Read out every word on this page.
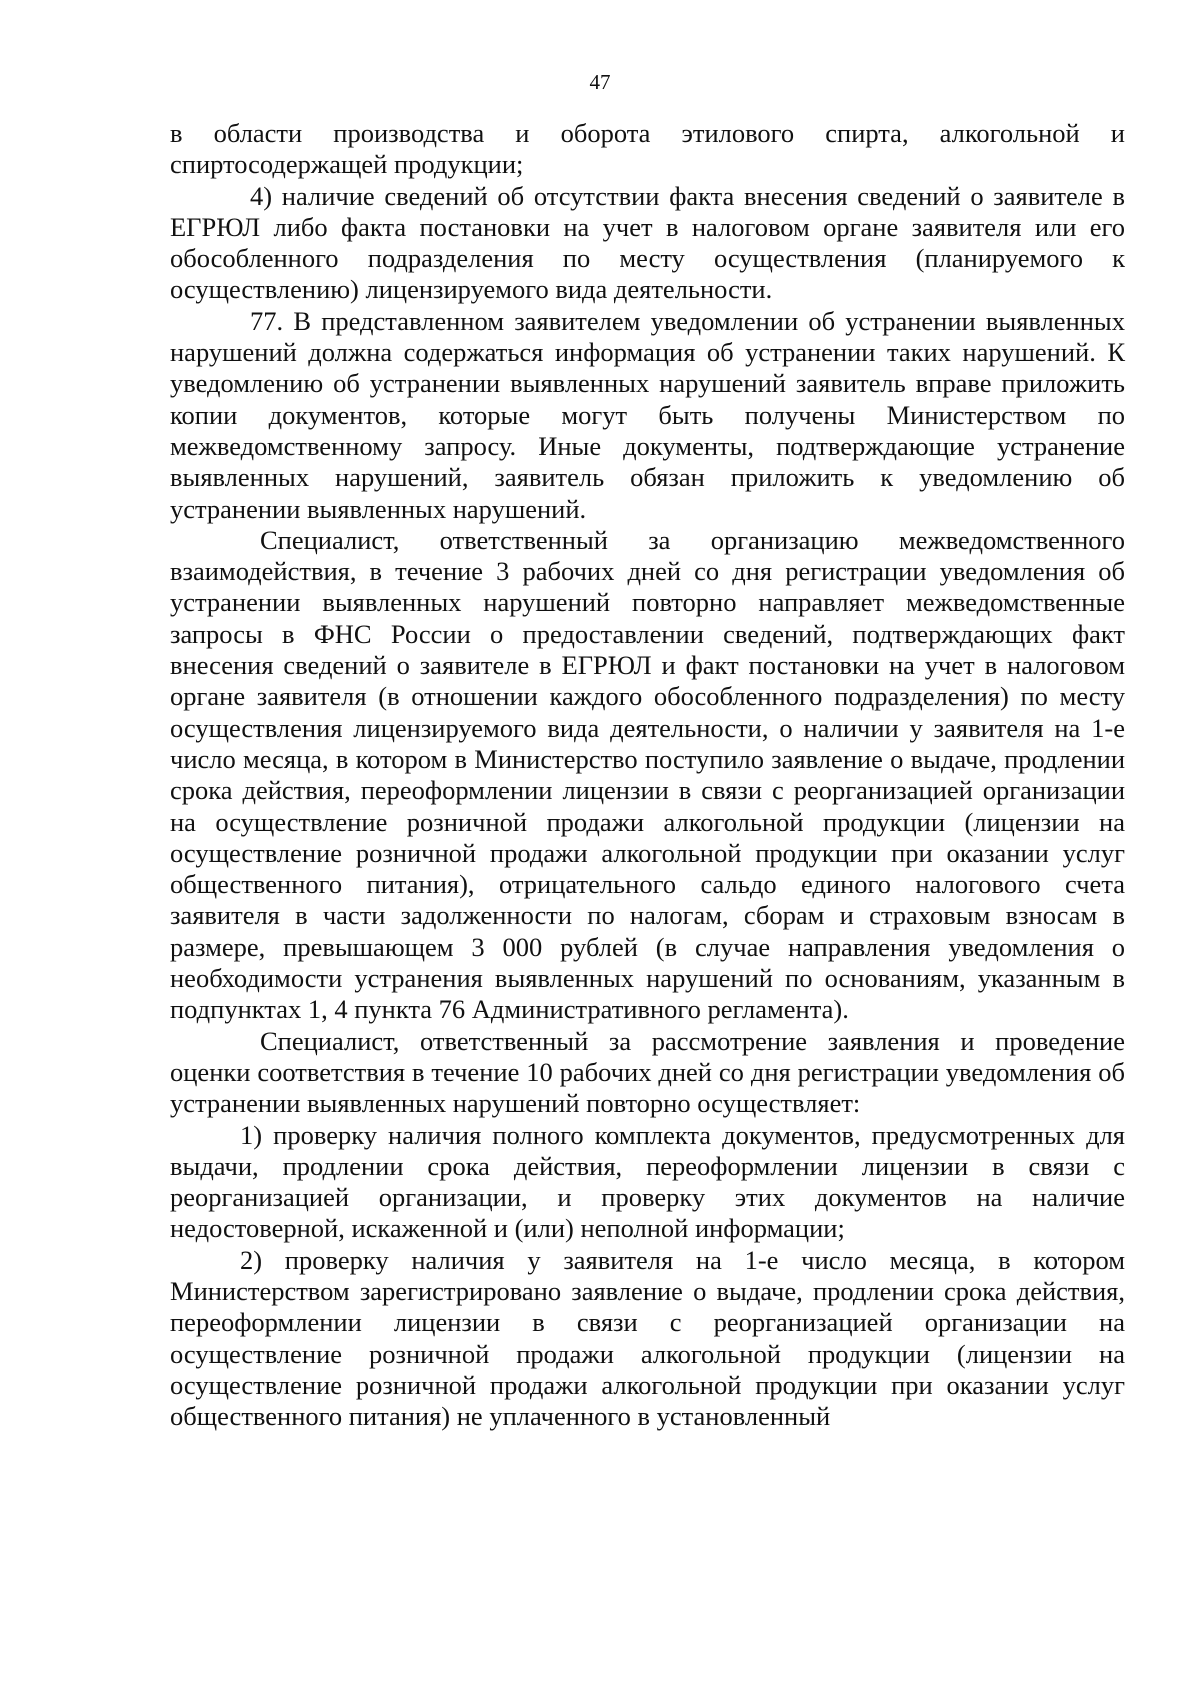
47

в области производства и оборота этилового спирта, алкогольной и спиртосодержащей продукции;

4) наличие сведений об отсутствии факта внесения сведений о заявителе в ЕГРЮЛ либо факта постановки на учет в налоговом органе заявителя или его обособленного подразделения по месту осуществления (планируемого к осуществлению) лицензируемого вида деятельности.

77. В представленном заявителем уведомлении об устранении выявленных нарушений должна содержаться информация об устранении таких нарушений. К уведомлению об устранении выявленных нарушений заявитель вправе приложить копии документов, которые могут быть получены Министерством по межведомственному запросу. Иные документы, подтверждающие устранение выявленных нарушений, заявитель обязан приложить к уведомлению об устранении выявленных нарушений.

Специалист, ответственный за организацию межведомственного взаимодействия, в течение 3 рабочих дней со дня регистрации уведомления об устранении выявленных нарушений повторно направляет межведомственные запросы в ФНС России о предоставлении сведений, подтверждающих факт внесения сведений о заявителе в ЕГРЮЛ и факт постановки на учет в налоговом органе заявителя (в отношении каждого обособленного подразделения) по месту осуществления лицензируемого вида деятельности, о наличии у заявителя на 1-е число месяца, в котором в Министерство поступило заявление о выдаче, продлении срока действия, переоформлении лицензии в связи с реорганизацией организации на осуществление розничной продажи алкогольной продукции (лицензии на осуществление розничной продажи алкогольной продукции при оказании услуг общественного питания), отрицательного сальдо единого налогового счета заявителя в части задолженности по налогам, сборам и страховым взносам в размере, превышающем 3 000 рублей (в случае направления уведомления о необходимости устранения выявленных нарушений по основаниям, указанным в подпунктах 1, 4 пункта 76 Административного регламента).

Специалист, ответственный за рассмотрение заявления и проведение оценки соответствия в течение 10 рабочих дней со дня регистрации уведомления об устранении выявленных нарушений повторно осуществляет:

1) проверку наличия полного комплекта документов, предусмотренных для выдачи, продлении срока действия, переоформлении лицензии в связи с реорганизацией организации, и проверку этих документов на наличие недостоверной, искаженной и (или) неполной информации;

2) проверку наличия у заявителя на 1-е число месяца, в котором Министерством зарегистрировано заявление о выдаче, продлении срока действия, переоформлении лицензии в связи с реорганизацией организации на осуществление розничной продажи алкогольной продукции (лицензии на осуществление розничной продажи алкогольной продукции при оказании услуг общественного питания) не уплаченного в установленный
